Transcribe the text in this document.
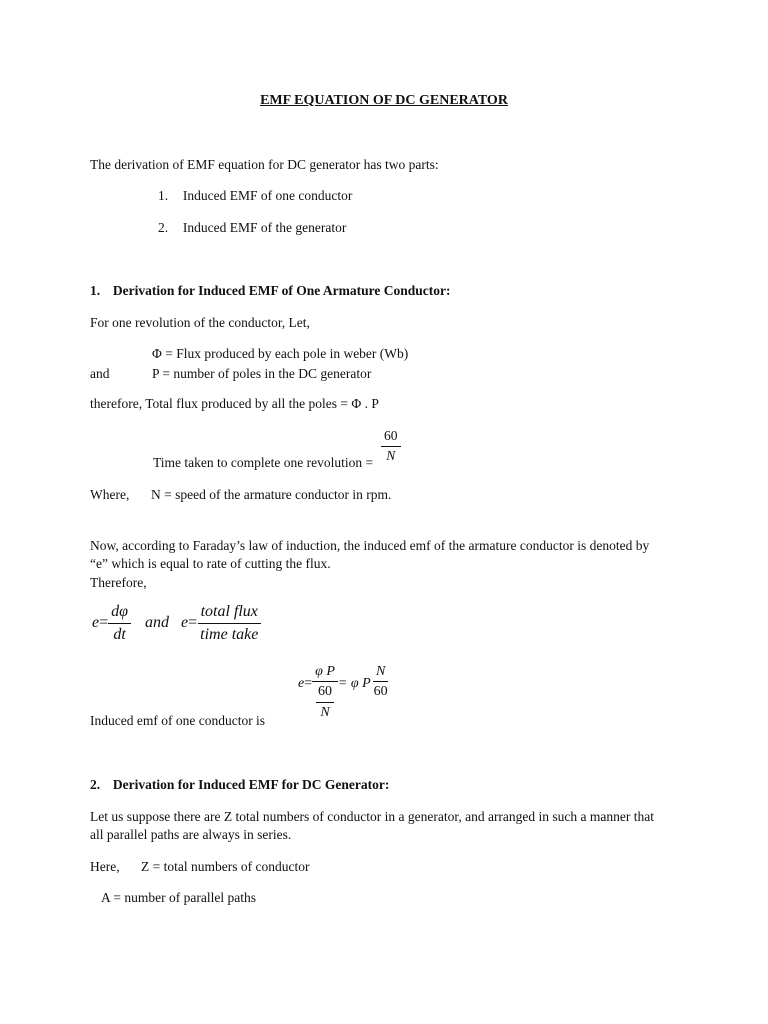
EMF EQUATION OF DC GENERATOR
The derivation of EMF equation for DC generator has two parts:
1. Induced EMF of one conductor
2. Induced EMF of the generator
1. Derivation for Induced EMF of One Armature Conductor:
For one revolution of the conductor, Let,
Φ = Flux produced by each pole in weber (Wb)
and	P = number of poles in the DC generator
therefore, Total flux produced by all the poles = Φ . P
Time taken to complete one revolution = $\frac{60}{N}$
Where, N = speed of the armature conductor in rpm.
Now, according to Faraday’s law of induction, the induced emf of the armature conductor is denoted by
“e” which is equal to rate of cutting the flux.
Therefore,
$e= \frac{d\varphi}{dt}$ and $e= \frac{\text{total flux}}{\text{time take}}$
$e= \frac{\text{φ P}}{\frac{60}{N}} = \varphi$ P $\frac{N}{60}$
Induced emf of one conductor is
2. Derivation for Induced EMF for DC Generator:
Let us suppose there are Z total numbers of conductor in a generator, and arranged in such a manner that
all parallel paths are always in series.
Here, Z = total numbers of conductor
A = number of parallel paths
